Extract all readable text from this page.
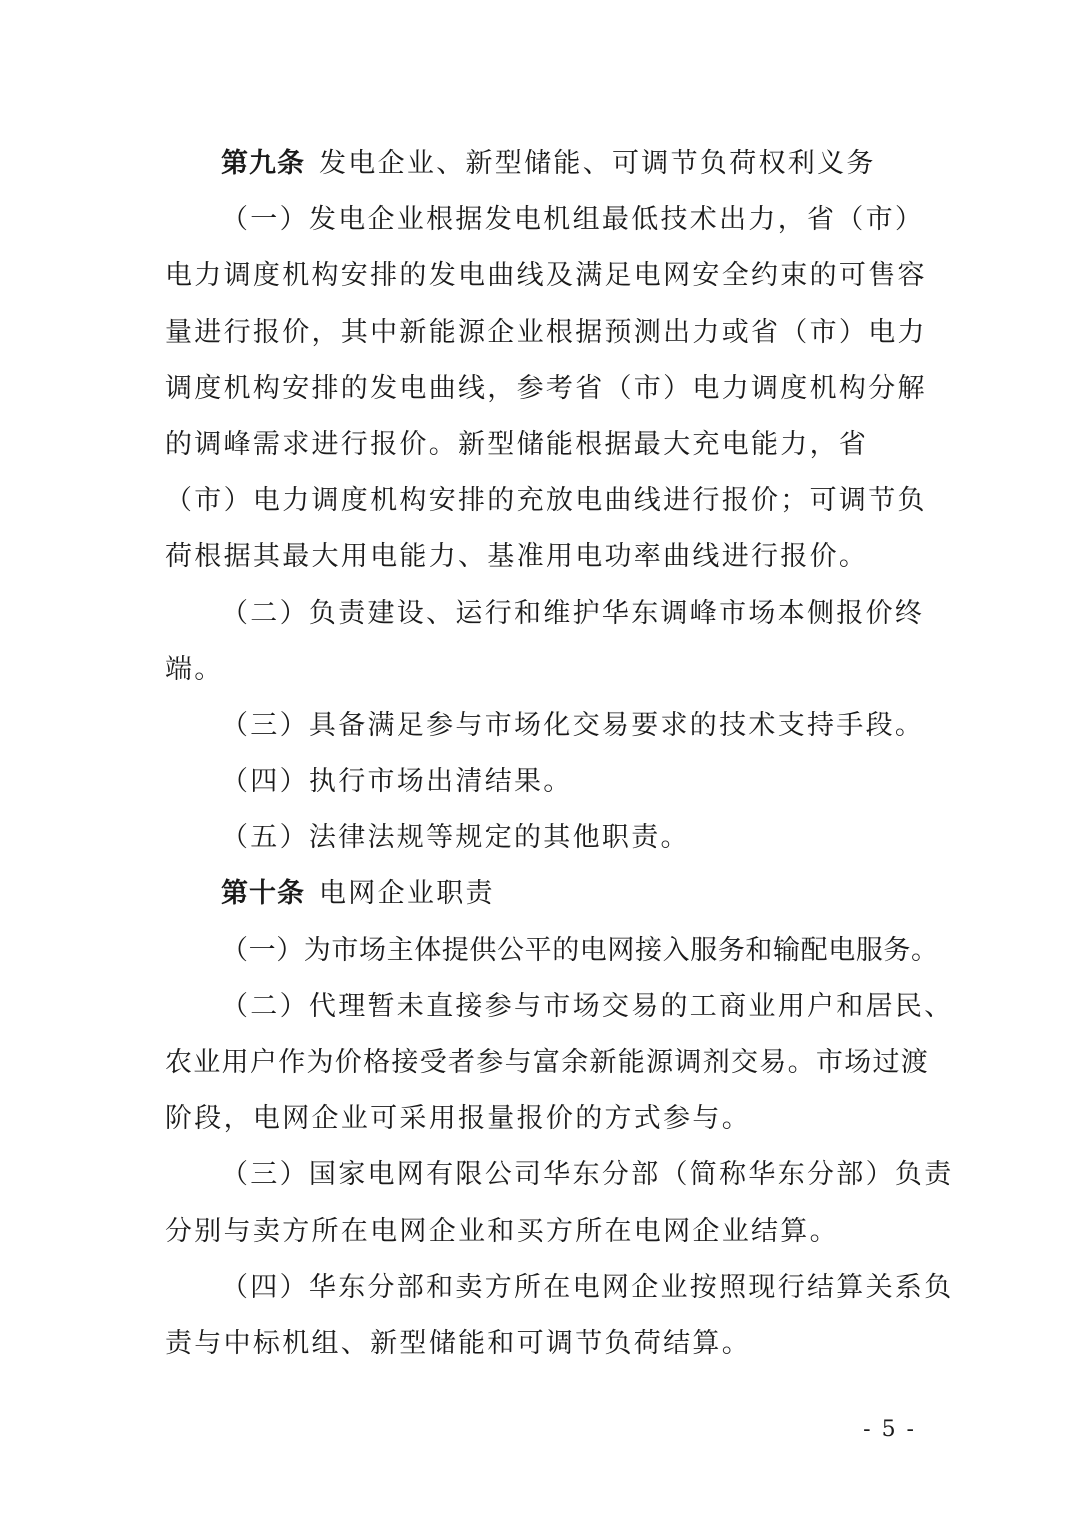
第九条 发电企业、新型储能、可调节负荷权利义务
（一）发电企业根据发电机组最低技术出力，省（市）
电力调度机构安排的发电曲线及满足电网安全约束的可售容
量进行报价，其中新能源企业根据预测出力或省（市）电力
调度机构安排的发电曲线，参考省（市）电力调度机构分解
的调峰需求进行报价。新型储能根据最大充电能力，省
（市）电力调度机构安排的充放电曲线进行报价；可调节负
荷根据其最大用电能力、基准用电功率曲线进行报价。
（二）负责建设、运行和维护华东调峰市场本侧报价终
端。
（三）具备满足参与市场化交易要求的技术支持手段。
（四）执行市场出清结果。
（五）法律法规等规定的其他职责。
第十条 电网企业职责
（一）为市场主体提供公平的电网接入服务和输配电服务。
（二）代理暂未直接参与市场交易的工商业用户和居民、
农业用户作为价格接受者参与富余新能源调剂交易。市场过渡
阶段，电网企业可采用报量报价的方式参与。
（三）国家电网有限公司华东分部（简称华东分部）负责
分别与卖方所在电网企业和买方所在电网企业结算。
（四）华东分部和卖方所在电网企业按照现行结算关系负
责与中标机组、新型储能和可调节负荷结算。
- 5 -
